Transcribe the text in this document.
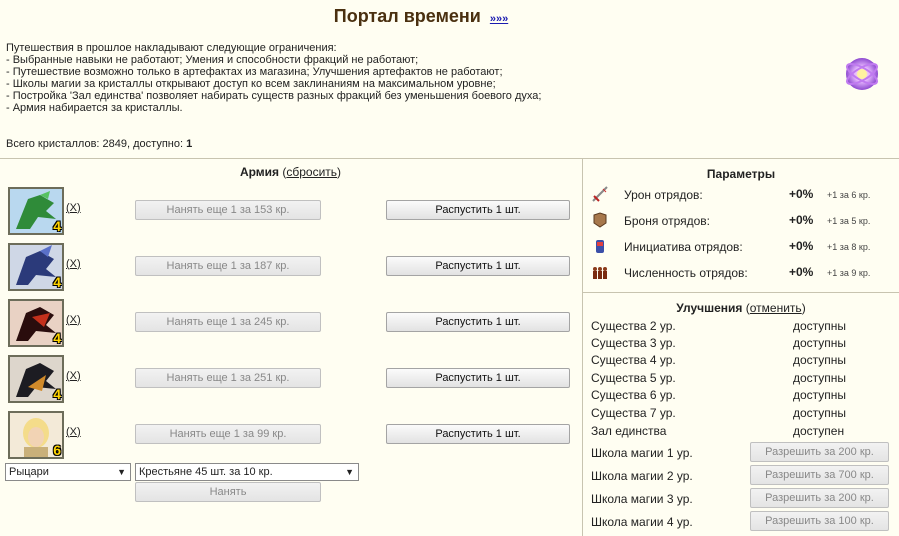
Портал времени »»»
Путешествия в прошлое накладывают следующие ограничения:
- Выбранные навыки не работают; Умения и способности фракций не работают;
- Путешествие возможно только в артефактах из магазина; Улучшения артефактов не работают;
- Школы магии за кристаллы открывают доступ ко всем заклинаниям на максимальном уровне;
- Постройка 'Зал единства' позволяет набирать существ разных фракций без уменьшения боевого духа;
- Армия набирается за кристаллы.
Всего кристаллов: 2849, доступно: 1
Армия (сбросить)
4
(X)	Нанять еще 1 за 153 кр.	Распустить 1 шт.
4
(X)	Нанять еще 1 за 187 кр.	Распустить 1 шт.
4
(X)	Нанять еще 1 за 245 кр.	Распустить 1 шт.
4
(X)	Нанять еще 1 за 251 кр.	Распустить 1 шт.
6
(X)	Нанять еще 1 за 99 кр.	Распустить 1 шт.
Рыцари	▼	Крестьяне 45 шт. за 10 кр.	▼
Нанять
Параметры
Урон отрядов:	+0% +1 за 6 кр.
Броня отрядов:	+0% +1 за 5 кр.
Инициатива отрядов:	+0% +1 за 8 кр.
Численность отрядов:	+0% +1 за 9 кр.
Улучшения (отменить)
Существа 2 ур.	доступны
Существа 3 ур.	доступны
Существа 4 ур.	доступны
Существа 5 ур.	доступны
Существа 6 ур.	доступны
Существа 7 ур.	доступны
Зал единства	доступен
Школа магии 1 ур.	Разрешить за 200 кр.
Школа магии 2 ур.	Разрешить за 700 кр.
Школа магии 3 ур.	Разрешить за 200 кр.
Школа магии 4 ур.	Разрешить за 100 кр.
